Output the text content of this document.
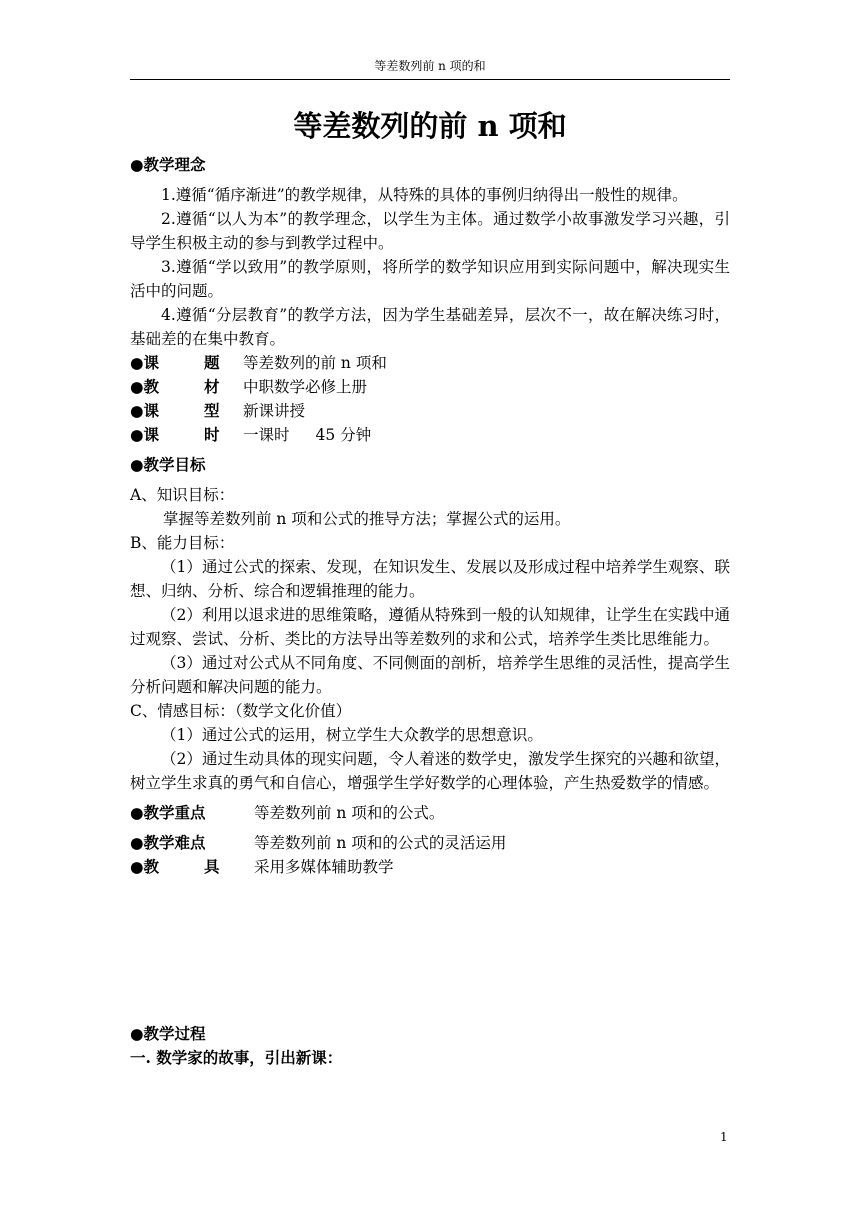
等差数列前 n 项的和
等差数列的前 n 项和

●教学理念

1.遵循“循序渐进”的教学规律，从特殊的具体的事例归纳得出一般性的规律。

2.遵循“以人为本”的教学理念，以学生为主体。通过数学小故事激发学习兴趣，引导学生积极主动的参与到教学过程中。

3.遵循“学以致用”的教学原则，将所学的数学知识应用到实际问题中，解决现实生活中的问题。

4.遵循“分层教育”的教学方法，因为学生基础差异，层次不一，故在解决练习时，基础差的在集中教育。

●课	题 等差数列的前 n 项和
●教	材 中职数学必修上册
●课	型 新课讲授
●课	时 一课时 45 分钟

●教学目标

A、知识目标：

掌握等差数列前 n 项和公式的推导方法；掌握公式的运用。

B、能力目标：

（1）通过公式的探索、发现，在知识发生、发展以及形成过程中培养学生观察、联想、归纳、分析、综合和逻辑推理的能力。

（2）利用以退求进的思维策略，遵循从特殊到一般的认知规律，让学生在实践中通过观察、尝试、分析、类比的方法导出等差数列的求和公式，培养学生类比思维能力。

（3）通过对公式从不同角度、不同侧面的剖析，培养学生思维的灵活性，提高学生分析问题和解决问题的能力。

C、情感目标：（数学文化价值）

（1）通过公式的运用，树立学生大众教学的思想意识。

（2）通过生动具体的现实问题，令人着迷的数学史，激发学生探究的兴趣和欲望，树立学生求真的勇气和自信心，增强学生学好数学的心理体验，产生热爱数学的情感。

●教学重点	等差数列前 n 项和的公式。
●教学难点	等差数列前 n 项和的公式的灵活运用
●教	具 采用多媒体辅助教学

●教学过程

一. 数学家的故事，引出新课：

1
